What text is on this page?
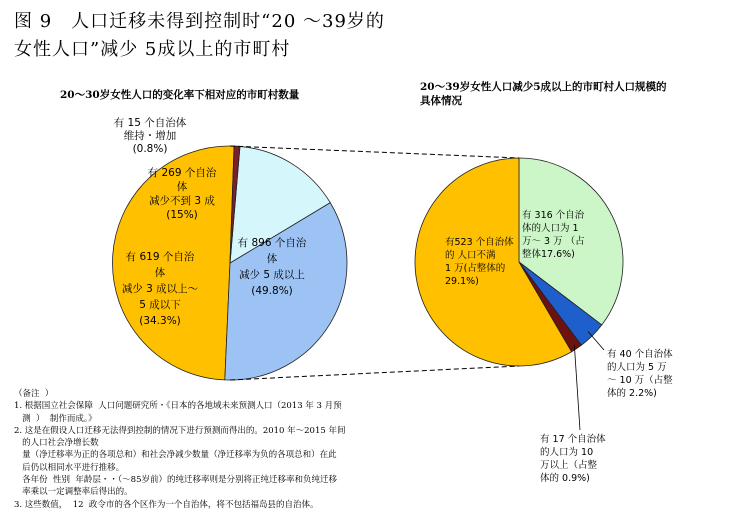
图 9　人口迁移未得到控制时“20 ～39岁的
女性人口”减少 5成以上的市町村
20～30岁女性人口的变化率下相对应的市町村数量
20～39岁女性人口减少5成以上的市町村人口规模的
具体情况
有 896 个自治
体
减少 5 成以上
(49.8%)
有 619 个自治
体
减少 3 成以上～
5 成以下
(34.3%)
有 269 个自治
体
减少不到 3 成
(15%)
有 15 个自治体
维持・增加
(0.8%)
有 316 个自治
体的人口为 1
万～ 3 万 （占
整体17.6%)
有523 个自治体
的 人口不满
1 万(占整体的
29.1%)
有 40 个自治体
的人口为 5 万
～ 10 万（占整
体的 2.2%)
有 17 个自治体
的人口为 10
万以上（占整
体的 0.9%)
（备注  ）
1. 根据国立社会保障  人口问题研究所・《日本的各地域未来预测人口（2013 年 3 月预
测  ）  制作而成。》
2. 这是在假设人口迁移无法得到控制的情况下进行预测而得出的。2010 年～2015 年间
的人口社会净增长数
量（净迁移率为正的各项总和）和社会净减少数量（净迁移率为负的各项总和）在此
后仍以相同水平进行推移。
各年份  性别  年龄层・・（～85岁前）的纯迁移率则是分别将正纯迁移率和负纯迁移
率乘以一定调整率后得出的。
3. 这些数值，  12  政令市的各个区作为一个自治体，将不包括福岛县的自治体。
